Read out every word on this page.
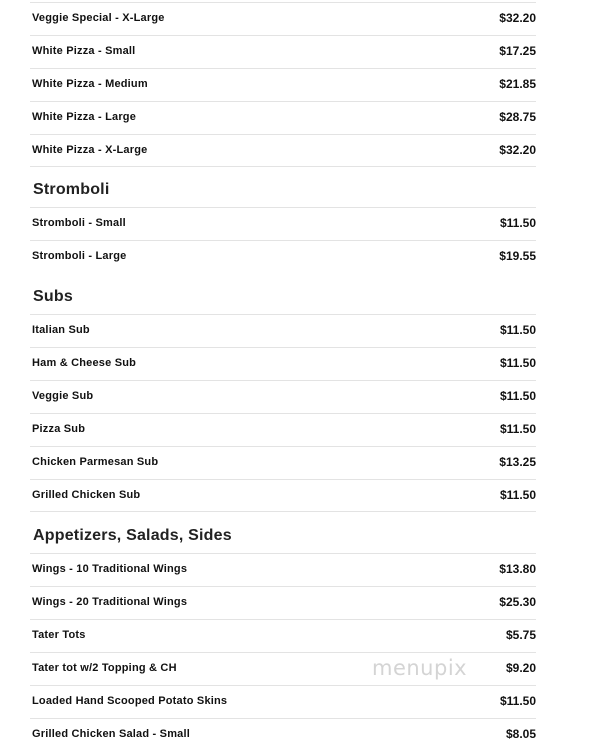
Veggie Special - X-Large	$32.20
White Pizza - Small	$17.25
White Pizza - Medium	$21.85
White Pizza - Large	$28.75
White Pizza - X-Large	$32.20
Stromboli
Stromboli - Small	$11.50
Stromboli - Large	$19.55
Subs
Italian Sub	$11.50
Ham & Cheese Sub	$11.50
Veggie Sub	$11.50
Pizza Sub	$11.50
Chicken Parmesan Sub	$13.25
Grilled Chicken Sub	$11.50
Appetizers, Salads, Sides
Wings - 10 Traditional Wings	$13.80
Wings - 20 Traditional Wings	$25.30
Tater Tots	$5.75
Tater tot w/2 Topping & CH	$9.20
Loaded Hand Scooped Potato Skins	$11.50
Grilled Chicken Salad - Small	$8.05
menupix
